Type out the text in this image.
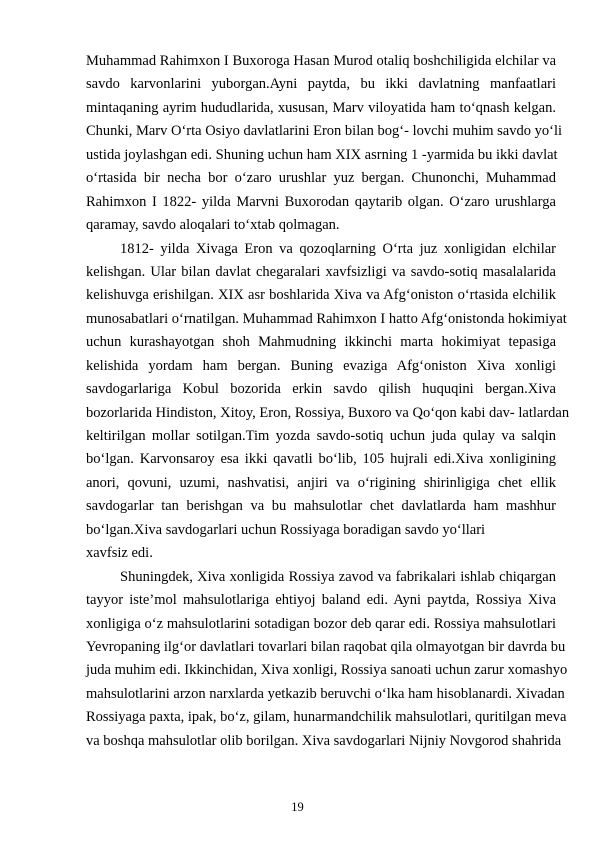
Muhammad Rahimxon I Buxoroga Hasan Murod otaliq boshchiligida elchilar va
savdo karvonlarini yuborgan.Ayni paytda, bu ikki davlatning manfaatlari
mintaqaning ayrim hududlarida, xususan, Marv viloyatida ham to‘qnash kelgan.
Chunki, Marv O‘rta Osiyo davlatlarini Eron bilan bog‘- lovchi muhim savdo yo‘li
ustida joylashgan edi. Shuning uchun ham XIX asrning 1 -yarmida bu ikki davlat
o‘rtasida bir necha bor o‘zaro urushlar yuz bergan. Chunonchi, Muhammad
Rahimxon I 1822- yilda Marvni Buxorodan qaytarib olgan. O‘zaro urushlarga
qaramay, savdo aloqalari to‘xtab qolmagan.
1812- yilda Xivaga Eron va qozoqlarning O‘rta juz xonligidan elchilar
kelishgan. Ular bilan davlat chegaralari xavfsizligi va savdo-sotiq masalalarida
kelishuvga erishilgan. XIX asr boshlarida Xiva va Afg‘oniston o‘rtasida elchilik
munosabatlari o‘rnatilgan. Muhammad Rahimxon I hatto Afg‘onistonda hokimiyat
uchun kurashayotgan shoh Mahmudning ikkinchi marta hokimiyat tepasiga
kelishida yordam ham bergan. Buning evaziga Afg‘oniston Xiva xonligi
savdogarlariga Kobul bozorida erkin savdo qilish huquqini bergan.Xiva
bozorlarida Hindiston, Xitoy, Eron, Rossiya, Buxoro va Qo‘qon kabi dav- latlardan
keltirilgan mollar sotilgan.Tim yozda savdo-sotiq uchun juda qulay va salqin
bo‘lgan. Karvonsaroy esa ikki qavatli bo‘lib, 105 hujrali edi.Xiva xonligining
anori, qovuni, uzumi, nashvatisi, anjiri va o‘rigining shirinligiga chet ellik
savdogarlar tan berishgan va bu mahsulotlar chet davlatlarda ham mashhur
bo‘lgan.Xiva savdogarlari uchun Rossiyaga boradigan savdo yo‘llari
xavfsiz edi.
Shuningdek, Xiva xonligida Rossiya zavod va fabrikalari ishlab chiqargan
tayyor iste’mol mahsulotlariga ehtiyoj baland edi. Ayni paytda, Rossiya Xiva
xonligiga o‘z mahsulotlarini sotadigan bozor deb qarar edi. Rossiya mahsulotlari
Yevropaning ilg‘or davlatlari tovarlari bilan raqobat qila olmayotgan bir davrda bu
juda muhim edi. Ikkinchidan, Xiva xonligi, Rossiya sanoati uchun zarur xomashyo
mahsulotlarini arzon narxlarda yetkazib beruvchi o‘lka ham hisoblanardi. Xivadan
Rossiyaga paxta, ipak, bo‘z, gilam, hunarmandchilik mahsulotlari, quritilgan meva
va boshqa mahsulotlar olib borilgan. Xiva savdogarlari Nijniy Novgorod shahrida
19
